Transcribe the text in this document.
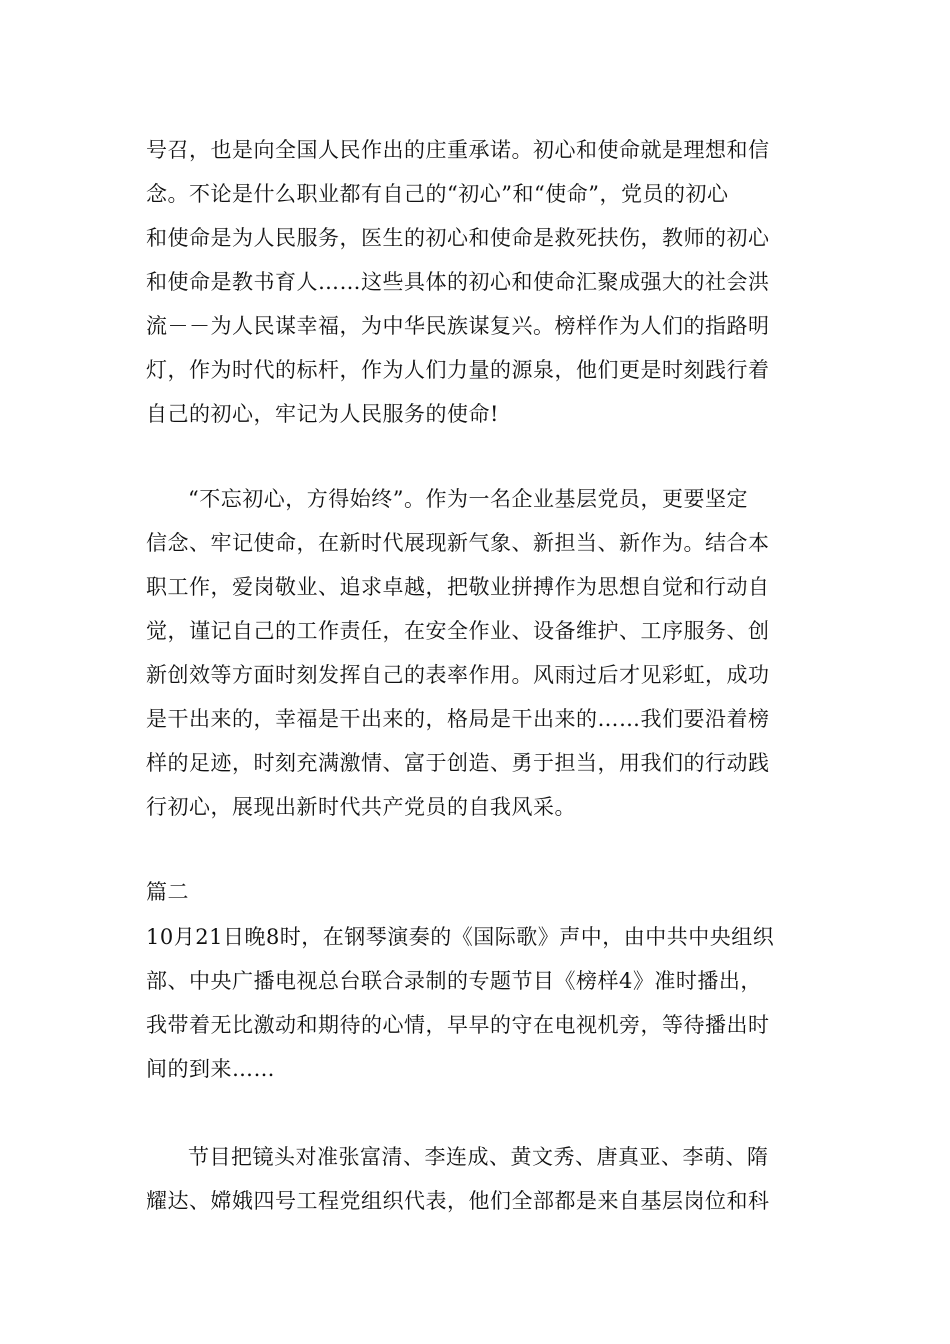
号召，也是向全国人民作出的庄重承诺。初心和使命就是理想和信
念。不论是什么职业都有自己的“初心”和“使命”，党员的初心
和使命是为人民服务，医生的初心和使命是救死扶伤，教师的初心
和使命是教书育人……这些具体的初心和使命汇聚成强大的社会洪
流－－为人民谋幸福，为中华民族谋复兴。榜样作为人们的指路明
灯，作为时代的标杆，作为人们力量的源泉，他们更是时刻践行着
自己的初心，牢记为人民服务的使命!
“不忘初心，方得始终”。作为一名企业基层党员，更要坚定
信念、牢记使命，在新时代展现新气象、新担当、新作为。结合本
职工作，爱岗敬业、追求卓越，把敬业拼搏作为思想自觉和行动自
觉，谨记自己的工作责任，在安全作业、设备维护、工序服务、创
新创效等方面时刻发挥自己的表率作用。风雨过后才见彩虹，成功
是干出来的，幸福是干出来的，格局是干出来的……我们要沿着榜
样的足迹，时刻充满激情、富于创造、勇于担当，用我们的行动践
行初心，展现出新时代共产党员的自我风采。
篇二
10月21日晚8时，在钢琴演奏的《国际歌》声中，由中共中央组织
部、中央广播电视总台联合录制的专题节目《榜样4》准时播出，
我带着无比激动和期待的心情，早早的守在电视机旁，等待播出时
间的到来……
节目把镜头对准张富清、李连成、黄文秀、唐真亚、李萌、隋
耀达、嫦娥四号工程党组织代表，他们全部都是来自基层岗位和科
